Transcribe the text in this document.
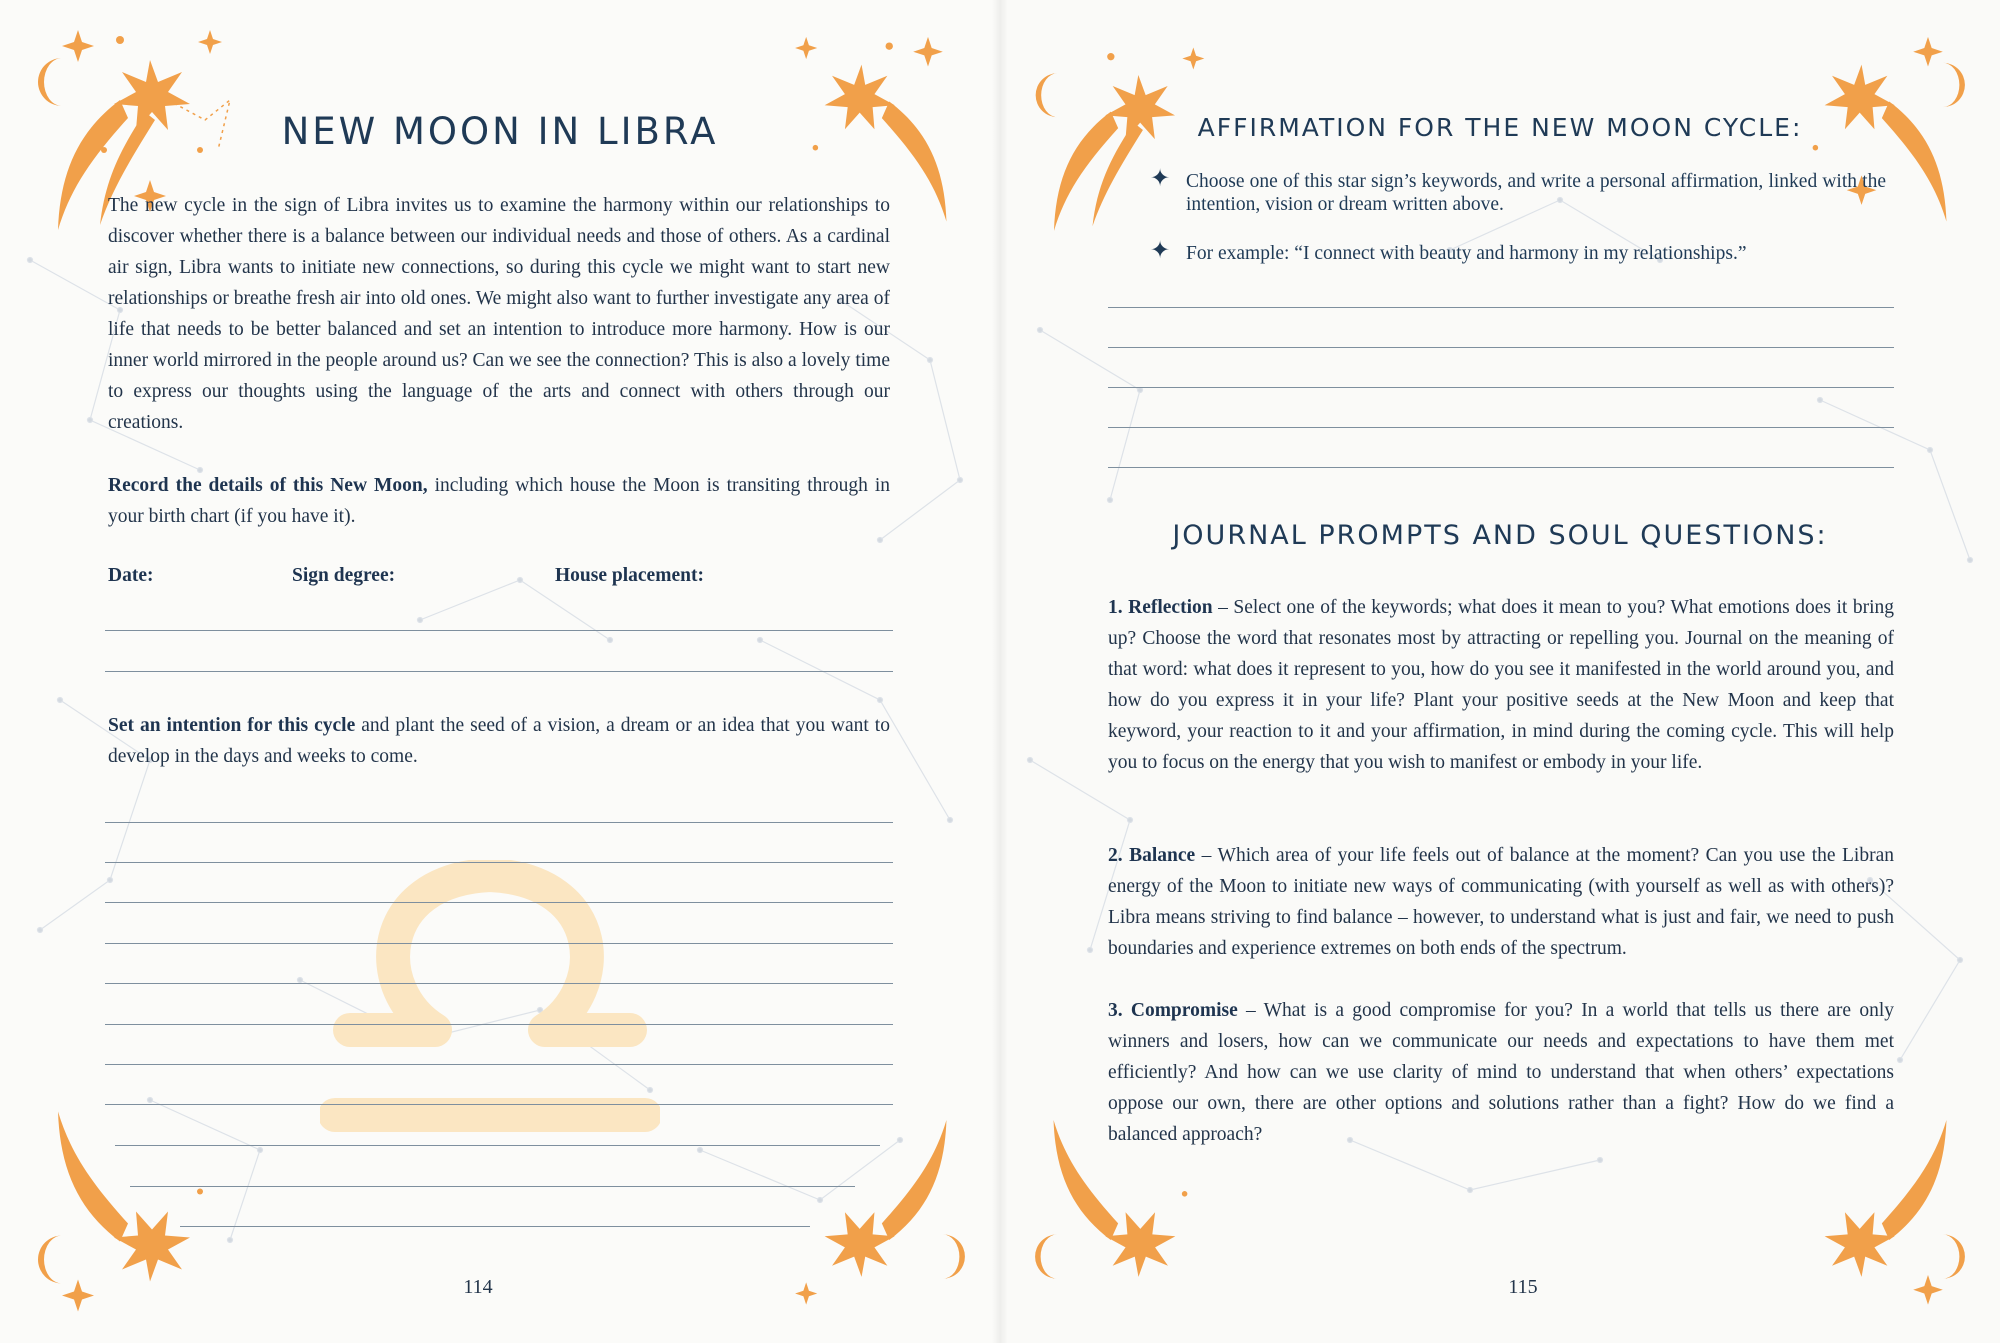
NEW MOON IN LIBRA

The new cycle in the sign of Libra invites us to examine the harmony within our relationships to discover whether there is a balance between our individual needs and those of others. As a cardinal air sign, Libra wants to initiate new connections, so during this cycle we might want to start new relationships or breathe fresh air into old ones. We might also want to further investigate any area of life that needs to be better balanced and set an intention to introduce more harmony. How is our inner world mirrored in the people around us? Can we see the connection? This is also a lovely time to express our thoughts using the language of the arts and connect with others through our creations.

Record the details of this New Moon, including which house the Moon is transiting through in your birth chart (if you have it).

Date:	Sign degree:	House placement:

Set an intention for this cycle and plant the seed of a vision, a dream or an idea that you want to develop in the days and weeks to come.

114
AFFIRMATION FOR THE NEW MOON CYCLE:
✦ Choose one of this star sign’s keywords, and write a personal affirmation, linked with the intention, vision or dream written above.
✦ For example: “I connect with beauty and harmony in my relationships.”
JOURNAL PROMPTS AND SOUL QUESTIONS:

1. Reflection – Select one of the keywords; what does it mean to you? What emotions does it bring up? Choose the word that resonates most by attracting or repelling you. Journal on the meaning of that word: what does it represent to you, how do you see it manifested in the world around you, and how do you express it in your life? Plant your positive seeds at the New Moon and keep that keyword, your reaction to it and your affirmation, in mind during the coming cycle. This will help you to focus on the energy that you wish to manifest or embody in your life.

2. Balance – Which area of your life feels out of balance at the moment? Can you use the Libran energy of the Moon to initiate new ways of communicating (with yourself as well as with others)? Libra means striving to find balance – however, to understand what is just and fair, we need to push boundaries and experience extremes on both ends of the spectrum.

3. Compromise – What is a good compromise for you? In a world that tells us there are only winners and losers, how can we communicate our needs and expectations to have them met efficiently? And how can we use clarity of mind to understand that when others’ expectations oppose our own, there are other options and solutions rather than a fight? How do we find a balanced approach?

115
